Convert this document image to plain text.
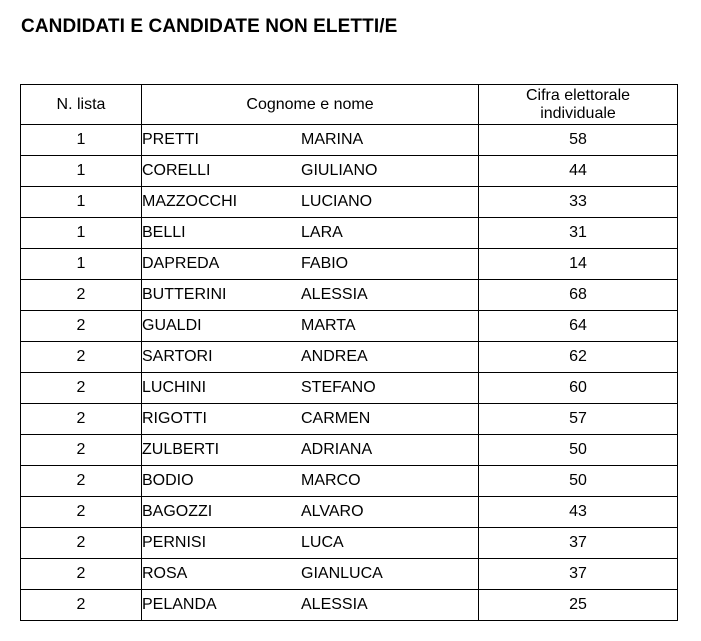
CANDIDATI E CANDIDATE NON ELETTI/E
N. lista	Cognome e nome	Cifra elettorale
individuale

1	PRETTI MARINA	58
1	CORELLI GIULIANO	44
1	MAZZOCCHI LUCIANO	33
1	BELLI LARA	31
1	DAPREDA FABIO	14
2	BUTTERINI ALESSIA	68
2	GUALDI MARTA	64
2	SARTORI ANDREA	62
2	LUCHINI STEFANO	60
2	RIGOTTI CARMEN	57
2	ZULBERTI ADRIANA	50
2	BODIO MARCO	50
2	BAGOZZI ALVARO	43
2	PERNISI LUCA	37
2	ROSA GIANLUCA	37
2	PELANDA ALESSIA	25
